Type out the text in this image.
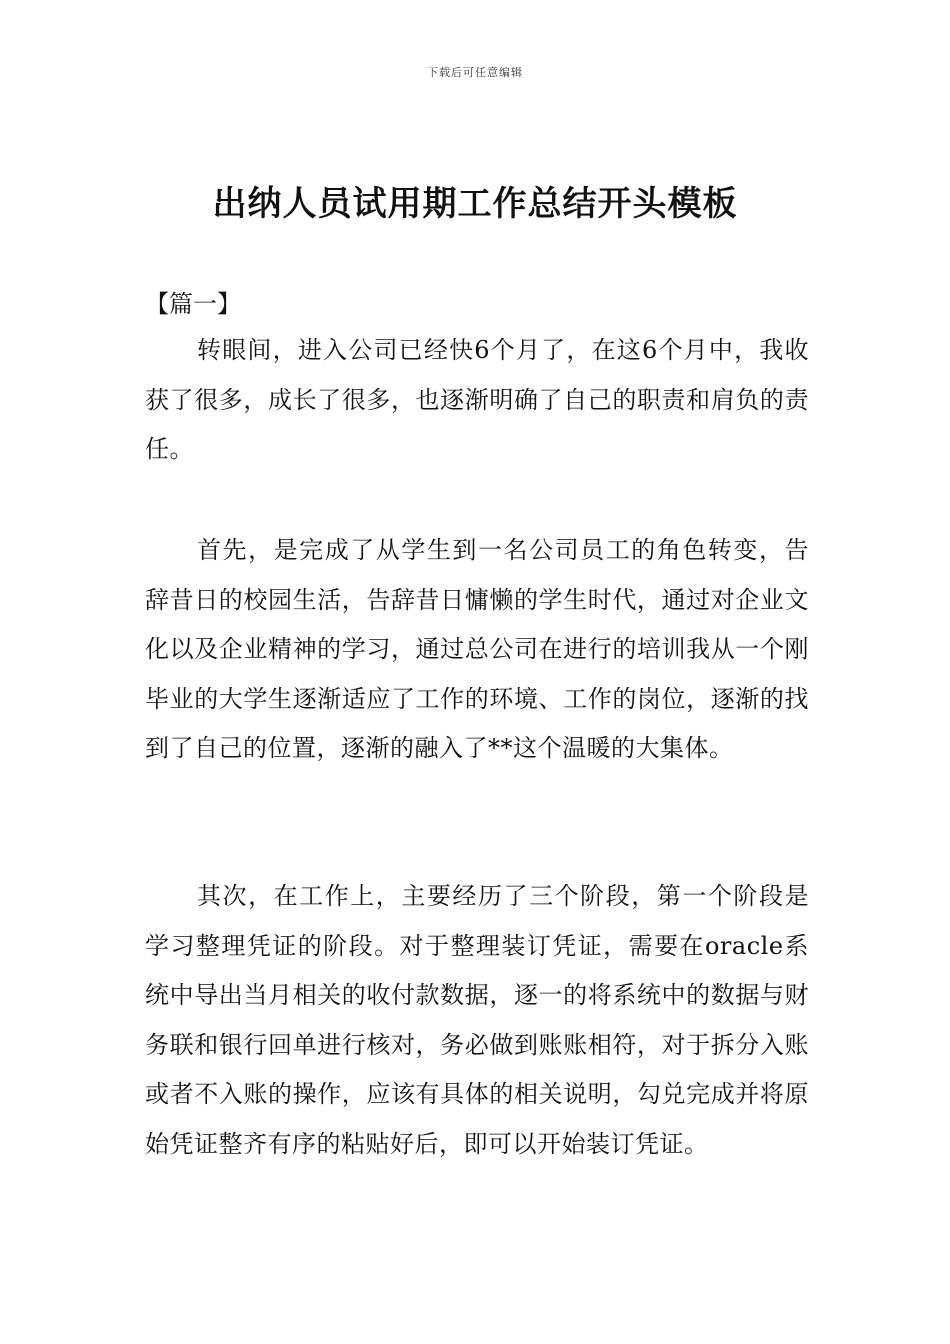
下载后可任意编辑
出纳人员试用期工作总结开头模板

【篇一】

转眼间，进入公司已经快6个月了，在这6个月中，我收获了很多，成长了很多，也逐渐明确了自己的职责和肩负的责任。

首先，是完成了从学生到一名公司员工的角色转变，告辞昔日的校园生活，告辞昔日慵懒的学生时代，通过对企业文化以及企业精神的学习，通过总公司在进行的培训我从一个刚毕业的大学生逐渐适应了工作的环境、工作的岗位，逐渐的找到了自己的位置，逐渐的融入了**这个温暖的大集体。

其次，在工作上，主要经历了三个阶段，第一个阶段是学习整理凭证的阶段。对于整理装订凭证，需要在oracle系统中导出当月相关的收付款数据，逐一的将系统中的数据与财务联和银行回单进行核对，务必做到账账相符，对于拆分入账或者不入账的操作，应该有具体的相关说明，勾兑完成并将原始凭证整齐有序的粘贴好后，即可以开始装订凭证。
